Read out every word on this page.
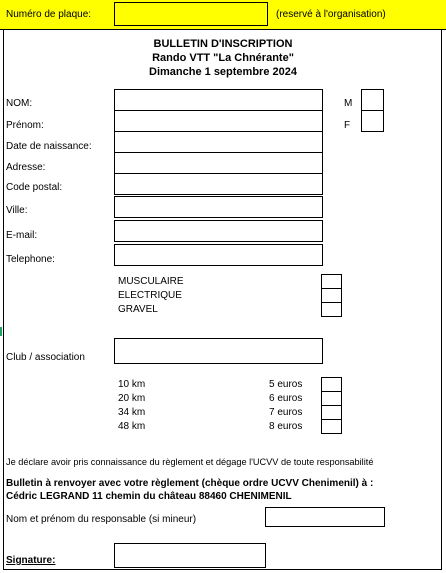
Numéro de plaque:	(reservé à l'organisation)
BULLETIN D'INSCRIPTION
Rando VTT "La Chnérante"
Dimanche 1 septembre 2024
NOM:
Prénom:
Date de naissance:
Adresse:
Code postal:
Ville:
E-mail:
Telephone:
M
F
MUSCULAIRE
ELECTRIQUE
GRAVEL
Club / association
10 km
20 km
34 km
48 km
5 euros
6 euros
7 euros
8 euros
Je déclare avoir pris connaissance du règlement et dégage l'UCVV de toute responsabilité
Bulletin à renvoyer avec votre règlement (chèque ordre UCVV Chenimenil) à :
Cédric LEGRAND 11 chemin du château 88460 CHENIMENIL
Nom et prénom du responsable (si mineur)
Signature:
